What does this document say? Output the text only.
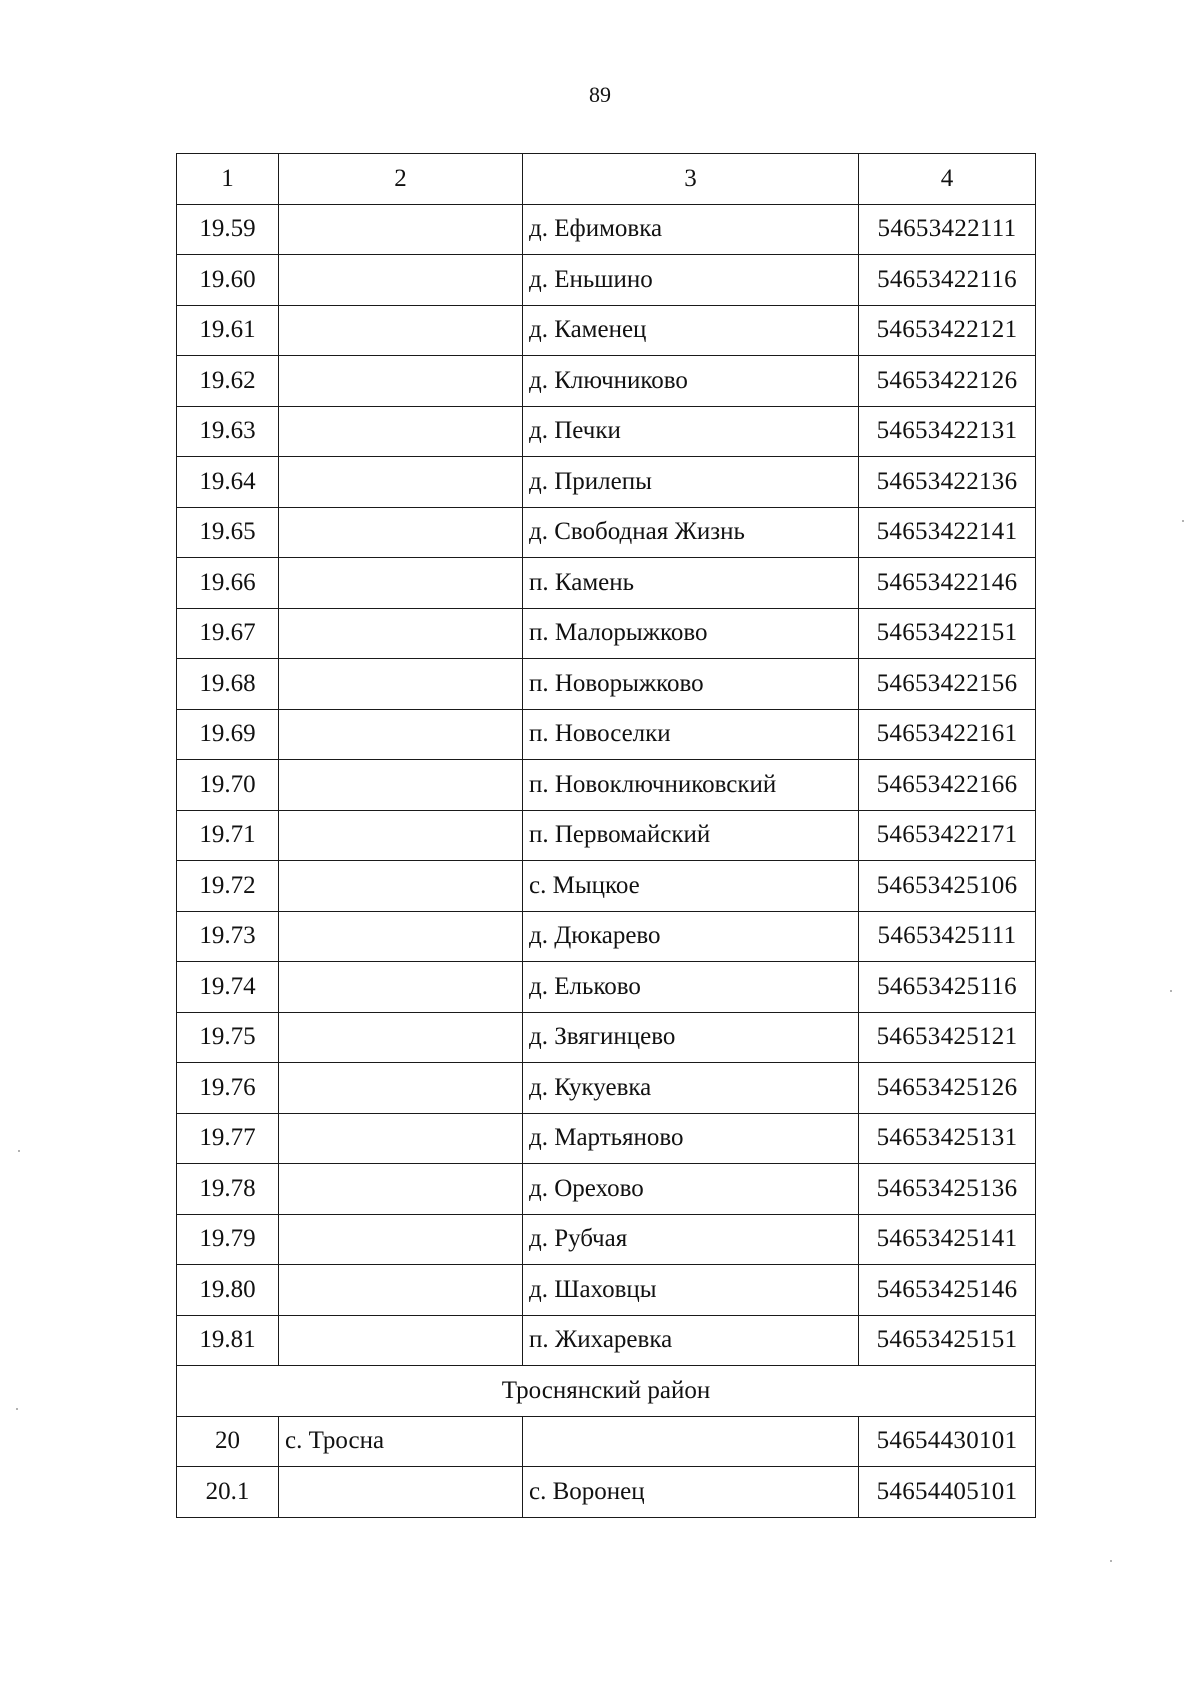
89
1	2	3	4
19.59		д. Ефимовка	54653422111
19.60		д. Еньшино	54653422116
19.61		д. Каменец	54653422121
19.62		д. Ключниково	54653422126
19.63		д. Печки	54653422131
19.64		д. Прилепы	54653422136
19.65		д. Свободная Жизнь	54653422141
19.66		п. Камень	54653422146
19.67		п. Малорыжково	54653422151
19.68		п. Новорыжково	54653422156
19.69		п. Новоселки	54653422161
19.70		п. Новоключниковский	54653422166
19.71		п. Первомайский	54653422171
19.72		с. Мыцкое	54653425106
19.73		д. Дюкарево	54653425111
19.74		д. Ельково	54653425116
19.75		д. Звягинцево	54653425121
19.76		д. Кукуевка	54653425126
19.77		д. Мартьяново	54653425131
19.78		д. Орехово	54653425136
19.79		д. Рубчая	54653425141
19.80		д. Шаховцы	54653425146
19.81		п. Жихаревка	54653425151
Троснянский район			
20	с. Тросна		54654430101
20.1		с. Воронец	54654405101
